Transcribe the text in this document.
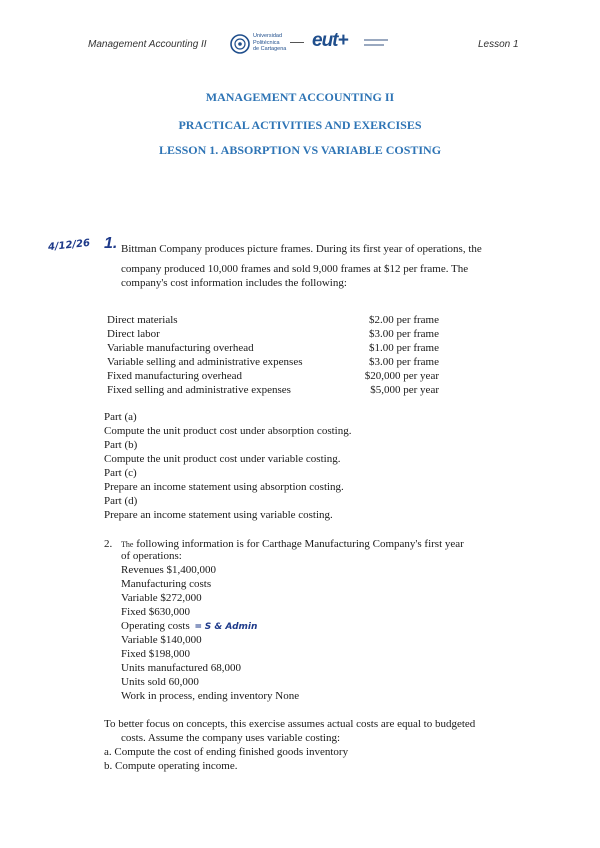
Management Accounting II	Lesson 1
Universidad
Politécnica
de Cartagena eut+
MANAGEMENT ACCOUNTING II
PRACTICAL ACTIVITIES AND EXERCISES
LESSON 1. ABSORPTION VS VARIABLE COSTING
4/12/26 1. Bittman Company produces picture frames. During its first year of operations, the
company produced 10,000 frames and sold 9,000 frames at $12 per frame. The
company's cost information includes the following:
Direct materials	$2.00 per frame
Direct labor	$3.00 per frame
Variable manufacturing overhead	$1.00 per frame
Variable selling and administrative expenses	$3.00 per frame
Fixed manufacturing overhead	$20,000 per year
Fixed selling and administrative expenses	$5,000 per year
Part (a)
Compute the unit product cost under absorption costing.
Part (b)
Compute the unit product cost under variable costing.
Part (c)
Prepare an income statement using absorption costing.
Part (d)
Prepare an income statement using variable costing.
2. The following information is for Carthage Manufacturing Company's first year
of operations:
Revenues $1,400,000
Manufacturing costs
Variable $272,000
Fixed $630,000
Operating costs = S & Admin
Variable $140,000
Fixed $198,000
Units manufactured 68,000
Units sold 60,000
Work in process, ending inventory None
To better focus on concepts, this exercise assumes actual costs are equal to budgeted
costs. Assume the company uses variable costing:
a. Compute the cost of ending finished goods inventory
b. Compute operating income.
